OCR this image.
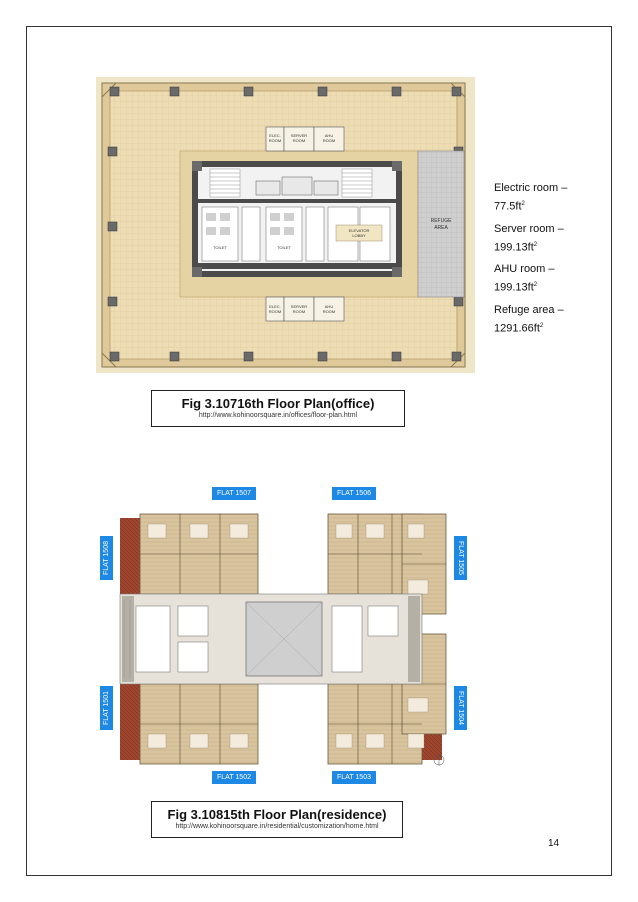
REFUGE
AREA
ELEC.
ROOM
SERVER
ROOM
AHU
ROOM
ELEC.
ROOM
SERVER
ROOM
AHU
ROOM
ELEVATOR
LOBBY
TOILET	TOILET
Electric room –
$77.5ft^2$
Server room –
$199.13ft^2$
AHU room –
$199.13ft^2$
Refuge area –
$1291.66ft^2$
Fig 3.10716th Floor Plan(office)
http://www.kohinoorsquare.in/offices/floor-plan.html
FLAT 1507	FLAT 1506
FLAT 1502	FLAT 1503
FLAT 1508
FLAT 1501
FLAT 1505
FLAT 1504
Fig 3.10815th Floor Plan(residence)
http://www.kohinoorsquare.in/residential/customization/home.html
14
